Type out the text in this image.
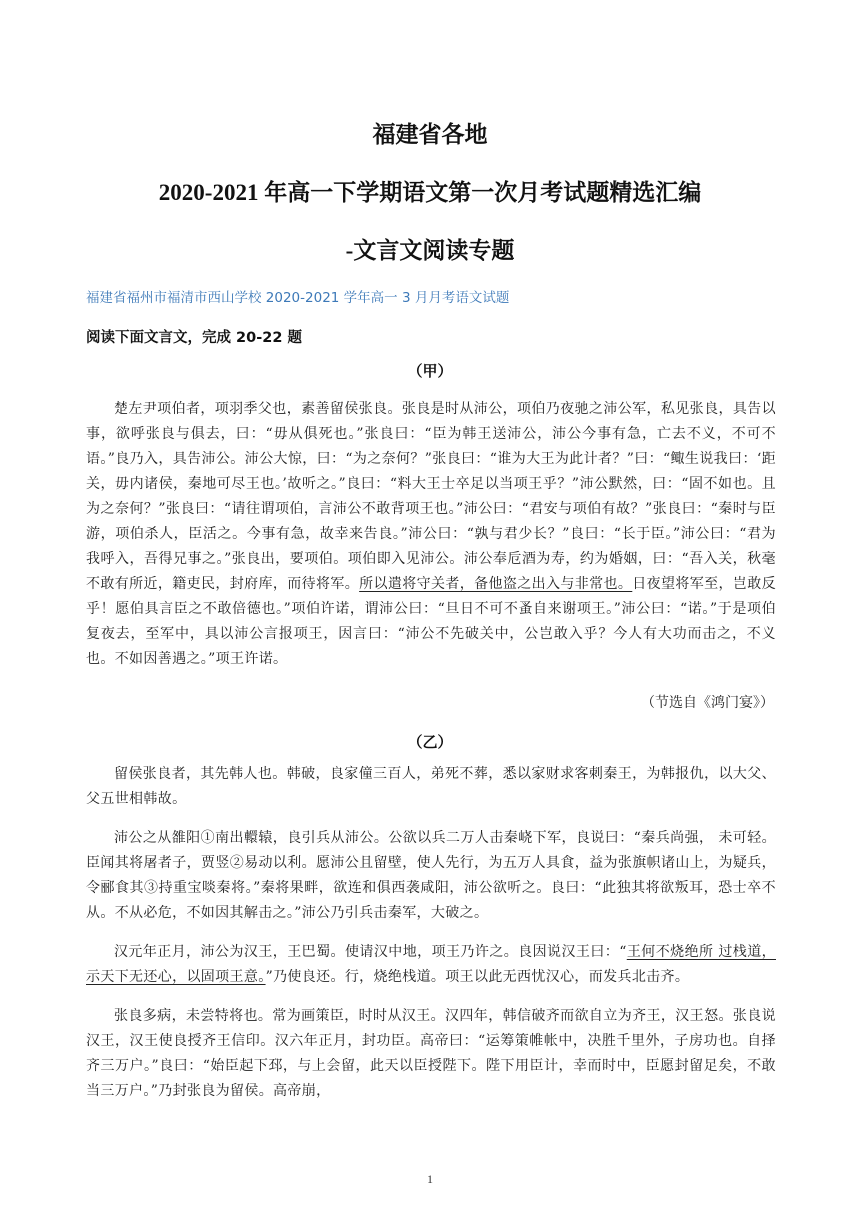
福建省各地
2020-2021 年高一下学期语文第一次月考试题精选汇编
-文言文阅读专题
福建省福州市福清市西山学校 2020-2021 学年高一 3 月月考语文试题
阅读下面文言文，完成 20-22 题
（甲）

楚左尹项伯者，项羽季父也，素善留侯张良。张良是时从沛公，项伯乃夜驰之沛公军，私见张良，具告以事，欲呼张良与俱去，曰：“毋从俱死也。”张良曰：“臣为韩王送沛公，沛公今事有急，亡去不义，不可不语。”良乃入，具告沛公。沛公大惊，曰：“为之奈何？”张良曰：“谁为大王为此计者？”曰：“鲰生说我曰：‘距关，毋内诸侯，秦地可尽王也。’故听之。”良曰：“料大王士卒足以当项王乎？”沛公默然，曰：“固不如也。且为之奈何？”张良曰：“请往谓项伯，言沛公不敢背项王也。”沛公曰：“君安与项伯有故？”张良曰：“秦时与臣游，项伯杀人，臣活之。今事有急，故幸来告良。”沛公曰：“孰与君少长？”良曰：“长于臣。”沛公曰：“君为我呼入，吾得兄事之。”张良出，要项伯。项伯即入见沛公。沛公奉卮酒为寿，约为婚姻，曰：“吾入关，秋毫不敢有所近，籍吏民，封府库，而待将军。所以遣将守关者，备他盗之出入与非常也。日夜望将军至，岂敢反乎！愿伯具言臣之不敢倍德也。”项伯许诺，谓沛公曰：“旦日不可不蚤自来谢项王。”沛公曰：“诺。”于是项伯复夜去，至军中，具以沛公言报项王，因言曰：“沛公不先破关中，公岂敢入乎？今人有大功而击之，不义也。不如因善遇之。”项王许诺。

（节选自《鸿门宴》）
（乙）

留侯张良者，其先韩人也。韩破，良家僮三百人，弟死不葬，悉以家财求客刺秦王，为韩报仇，以大父、父五世相韩故。

沛公之从雒阳①南出轘辕，良引兵从沛公。公欲以兵二万人击秦峣下军，良说曰：“秦兵尚强， 未可轻。臣闻其将屠者子，贾竖②易动以利。愿沛公且留壁，使人先行，为五万人具食，益为张旗帜诸山上，为疑兵，令郦食其③持重宝啖秦将。”秦将果畔，欲连和俱西袭咸阳，沛公欲听之。良曰：“此独其将欲叛耳，恐士卒不从。不从必危，不如因其解击之。”沛公乃引兵击秦军，大破之。

汉元年正月，沛公为汉王，王巴蜀。使请汉中地，项王乃许之。良因说汉王曰：“王何不烧绝所 过栈道，示天下无还心，以固项王意。”乃使良还。行，烧绝栈道。项王以此无西忧汉心，而发兵北击齐。

张良多病，未尝特将也。常为画策臣，时时从汉王。汉四年，韩信破齐而欲自立为齐王，汉王怒。张良说汉王，汉王使良授齐王信印。汉六年正月，封功臣。高帝曰：“运筹策帷帐中，决胜千里外，子房功也。自择齐三万户。”良曰：“始臣起下邳，与上会留，此天以臣授陛下。陛下用臣计，幸而时中，臣愿封留足矣，不敢当三万户。”乃封张良为留侯。高帝崩，

1
